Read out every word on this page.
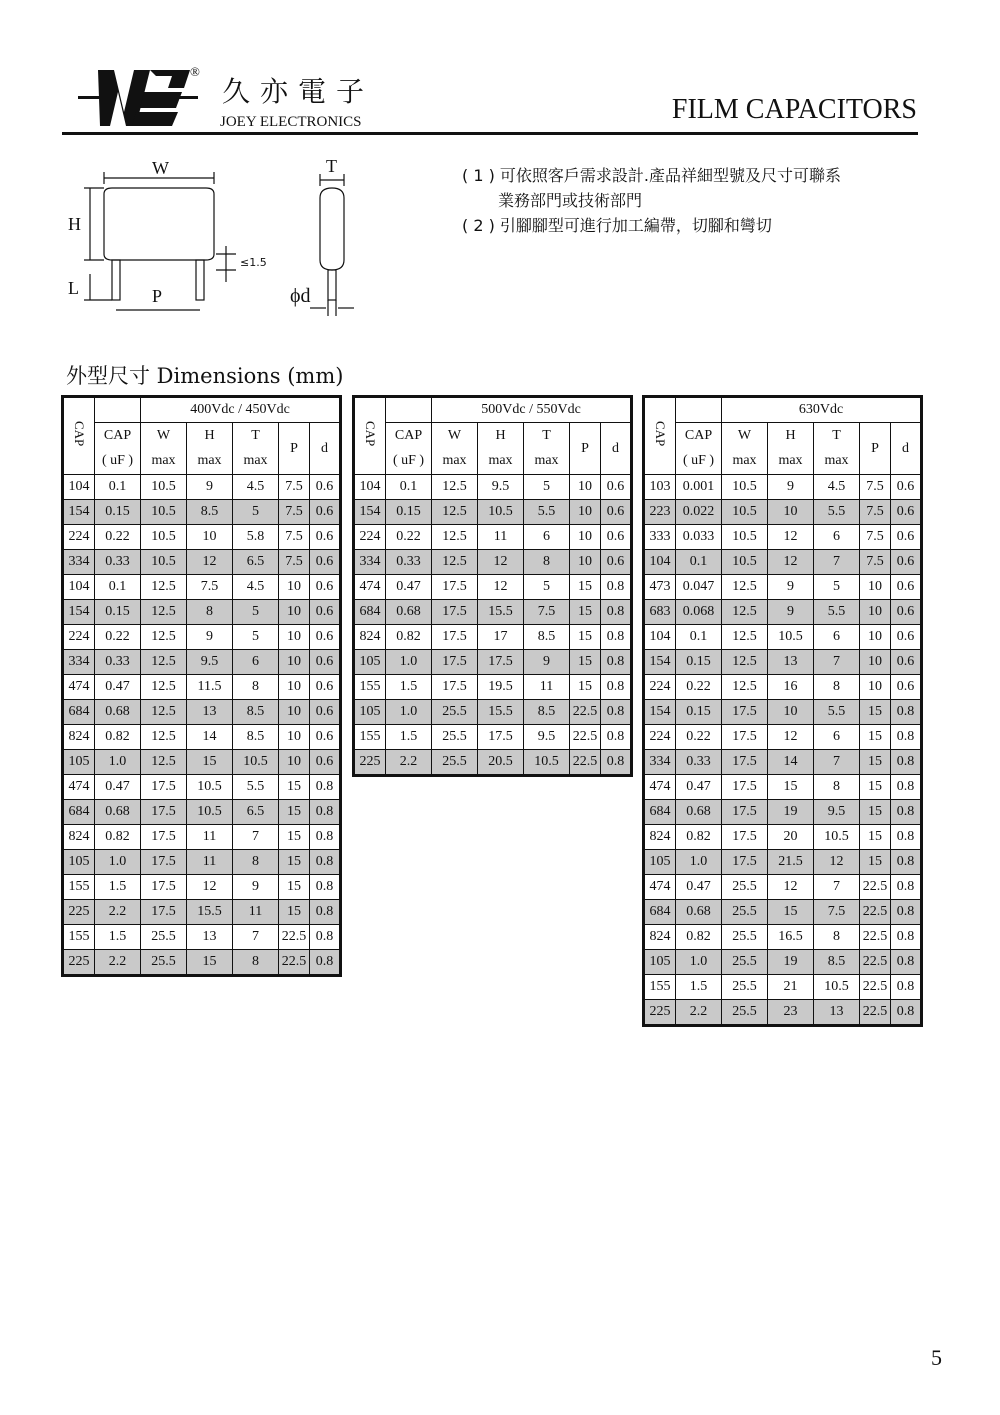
®
久亦電子
JOEY ELECTRONICS	FILM CAPACITORS
W
H
L	P
≤1.5
T
ϕd
( 1 ) 可依照客戶需求設計.產品祥細型號及尺寸可聯系
業務部門或技術部門
( 2 ) 引腳腳型可進行加工編帶，切腳和彎切
外型尺寸 Dimensions (mm)
CAP		400Vdc / 450Vdc				
	CAP	W	H	T	P	d
	( uF )	max	max	max		
104	0.1	10.5	9	4.5	7.5	0.6
154	0.15	10.5	8.5	5	7.5	0.6
224	0.22	10.5	10	5.8	7.5	0.6
334	0.33	10.5	12	6.5	7.5	0.6
104	0.1	12.5	7.5	4.5	10	0.6
154	0.15	12.5	8	5	10	0.6
224	0.22	12.5	9	5	10	0.6
334	0.33	12.5	9.5	6	10	0.6
474	0.47	12.5	11.5	8	10	0.6
684	0.68	12.5	13	8.5	10	0.6
824	0.82	12.5	14	8.5	10	0.6
105	1.0	12.5	15	10.5	10	0.6
474	0.47	17.5	10.5	5.5	15	0.8
684	0.68	17.5	10.5	6.5	15	0.8
824	0.82	17.5	11	7	15	0.8
105	1.0	17.5	11	8	15	0.8
155	1.5	17.5	12	9	15	0.8
225	2.2	17.5	15.5	11	15	0.8
155	1.5	25.5	13	7	22.5	0.8
225	2.2	25.5	15	8	22.5	0.8
CAP		500Vdc / 550Vdc				
	CAP	W	H	T	P	d
	( uF )	max	max	max		
104	0.1	12.5	9.5	5	10	0.6
154	0.15	12.5	10.5	5.5	10	0.6
224	0.22	12.5	11	6	10	0.6
334	0.33	12.5	12	8	10	0.6
474	0.47	17.5	12	5	15	0.8
684	0.68	17.5	15.5	7.5	15	0.8
824	0.82	17.5	17	8.5	15	0.8
105	1.0	17.5	17.5	9	15	0.8
155	1.5	17.5	19.5	11	15	0.8
105	1.0	25.5	15.5	8.5	22.5	0.8
155	1.5	25.5	17.5	9.5	22.5	0.8
225	2.2	25.5	20.5	10.5	22.5	0.8
CAP		630Vdc				
	CAP	W	H	T	P	d
	( uF )	max	max	max		
103	0.001	10.5	9	4.5	7.5	0.6
223	0.022	10.5	10	5.5	7.5	0.6
333	0.033	10.5	12	6	7.5	0.6
104	0.1	10.5	12	7	7.5	0.6
473	0.047	12.5	9	5	10	0.6
683	0.068	12.5	9	5.5	10	0.6
104	0.1	12.5	10.5	6	10	0.6
154	0.15	12.5	13	7	10	0.6
224	0.22	12.5	16	8	10	0.6
154	0.15	17.5	10	5.5	15	0.8
224	0.22	17.5	12	6	15	0.8
334	0.33	17.5	14	7	15	0.8
474	0.47	17.5	15	8	15	0.8
684	0.68	17.5	19	9.5	15	0.8
824	0.82	17.5	20	10.5	15	0.8
105	1.0	17.5	21.5	12	15	0.8
474	0.47	25.5	12	7	22.5	0.8
684	0.68	25.5	15	7.5	22.5	0.8
824	0.82	25.5	16.5	8	22.5	0.8
105	1.0	25.5	19	8.5	22.5	0.8
155	1.5	25.5	21	10.5	22.5	0.8
225	2.2	25.5	23	13	22.5	0.8
5
